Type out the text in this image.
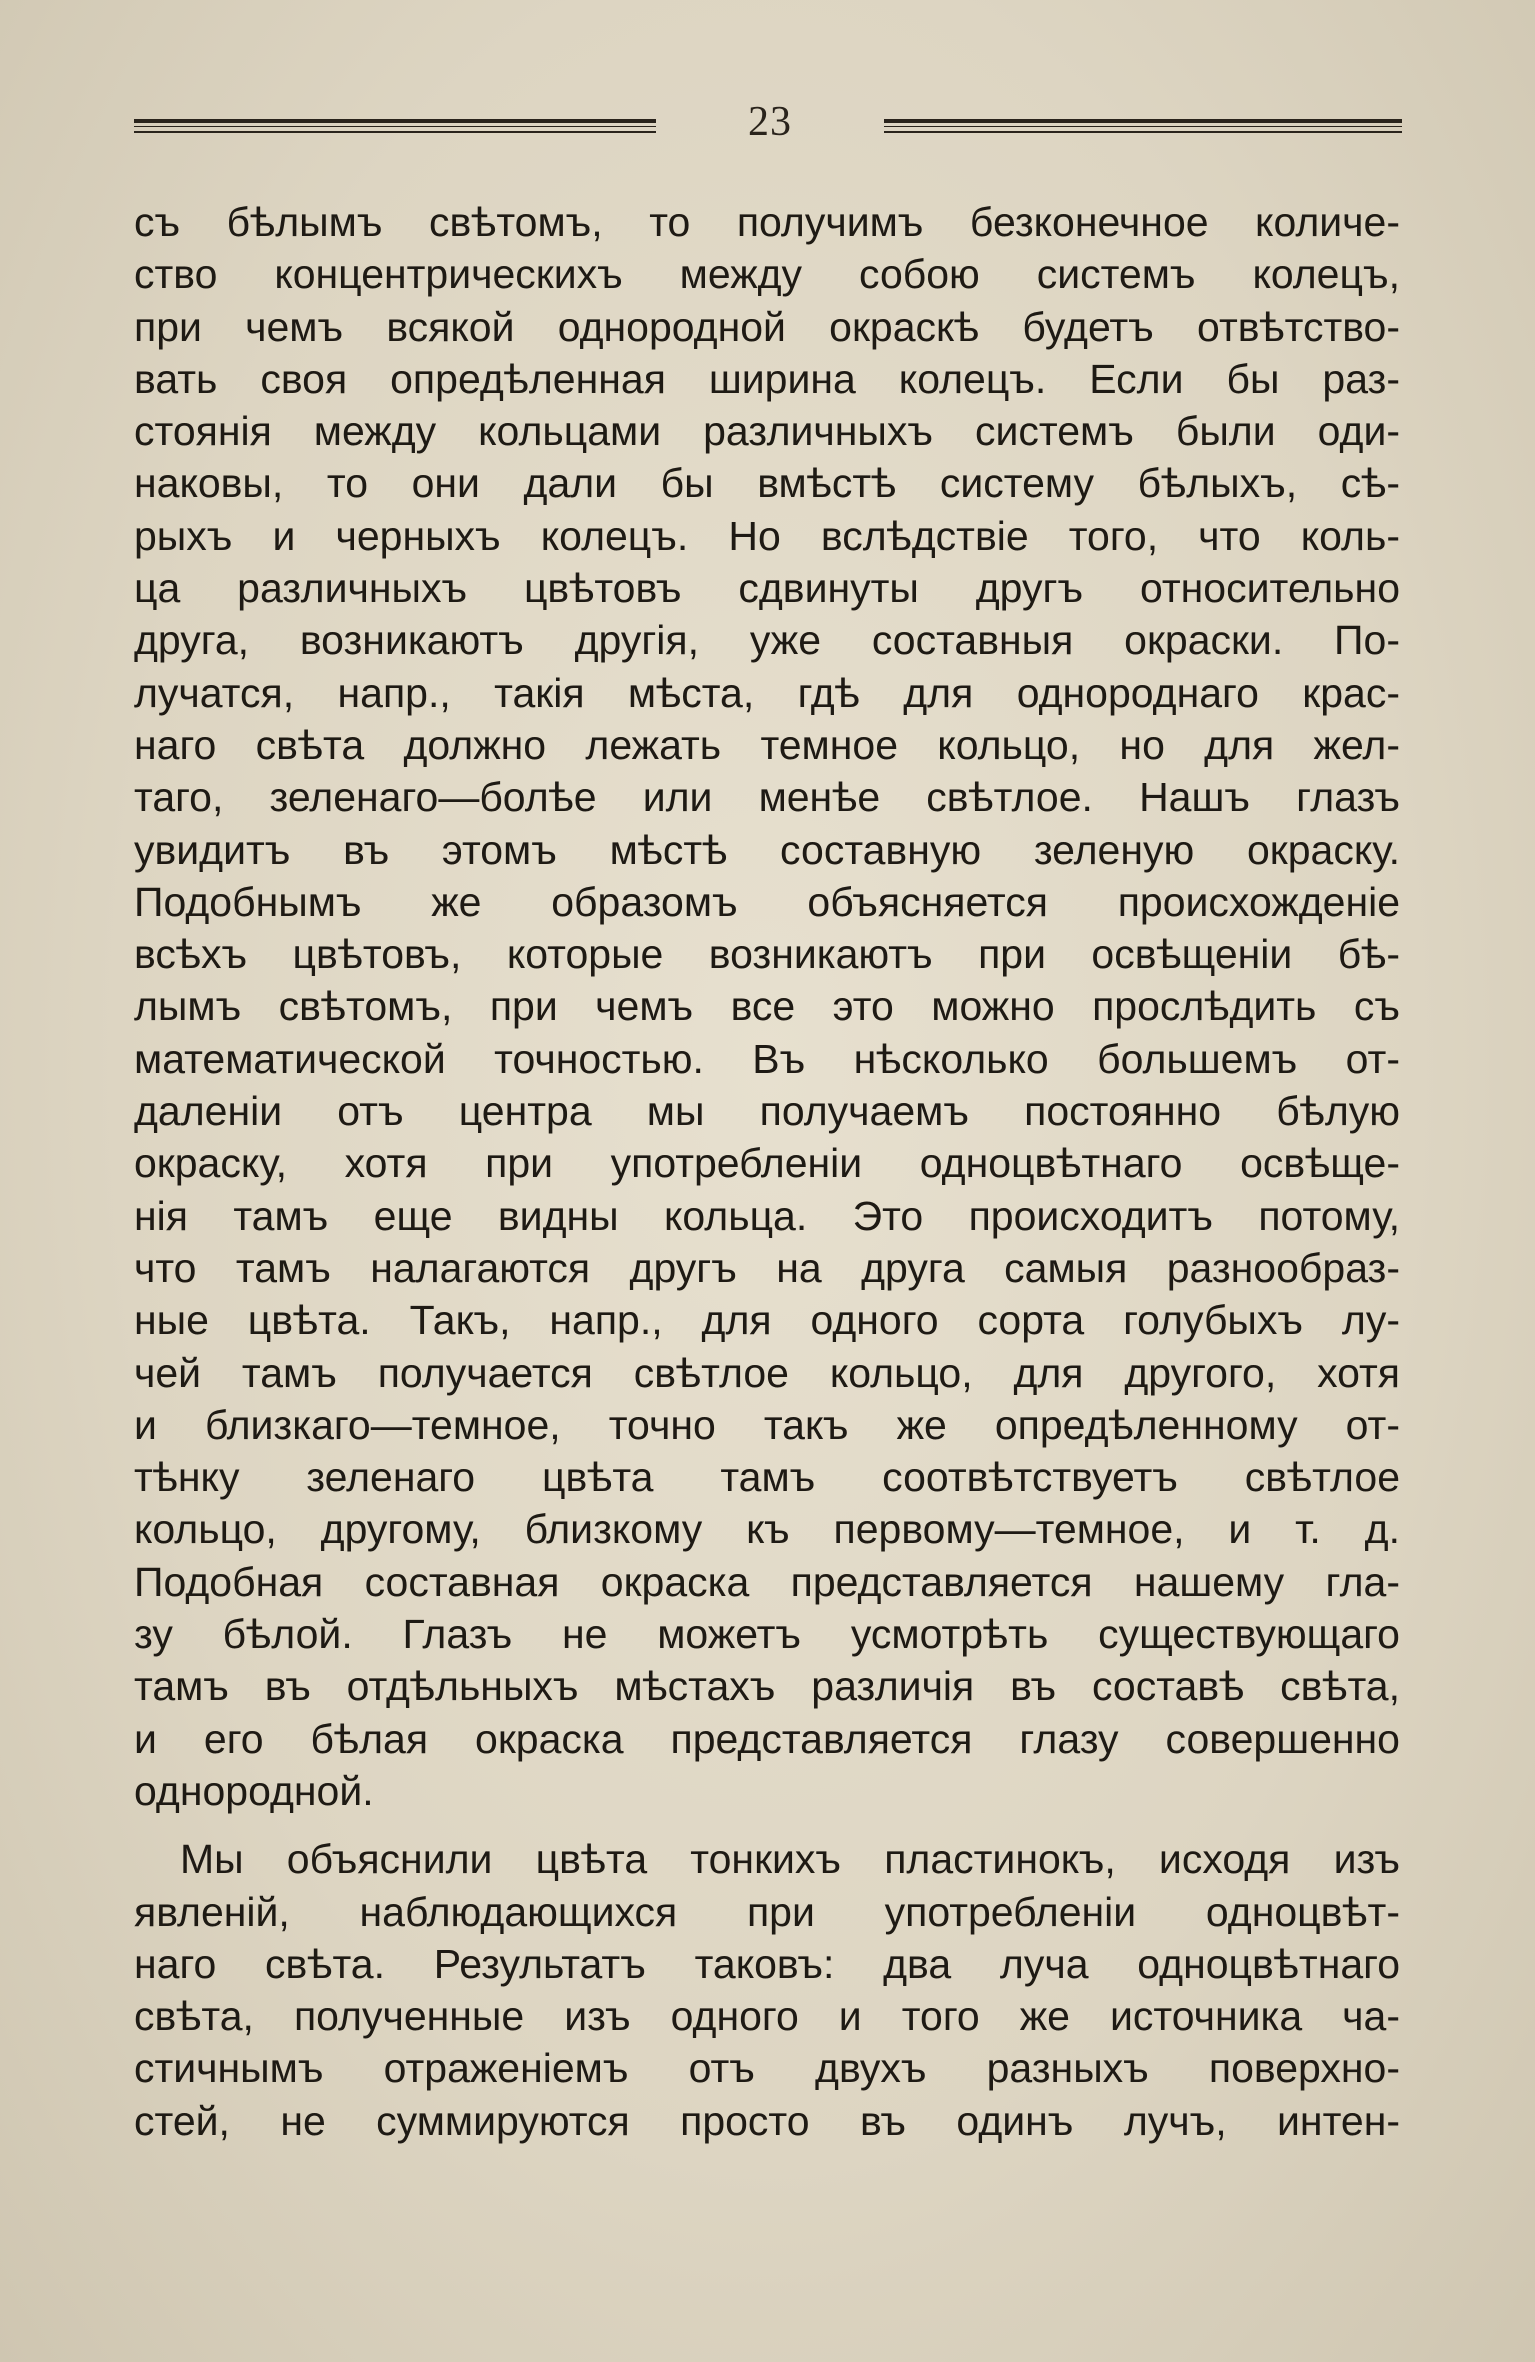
23
съ бѣлымъ свѣтомъ, то получимъ безконечное количе-
ство концентрическихъ между собою системъ колецъ,
при чемъ всякой однородной окраскѣ будетъ отвѣтство-
вать своя опредѣленная ширина колецъ. Если бы раз-
стоянія между кольцами различныхъ системъ были оди-
наковы, то они дали бы вмѣстѣ систему бѣлыхъ, сѣ-
рыхъ и черныхъ колецъ. Но вслѣдствіе того, что коль-
ца различныхъ цвѣтовъ сдвинуты другъ относительно
друга, возникаютъ другія, уже составныя окраски. По-
лучатся, напр., такія мѣста, гдѣ для однороднаго крас-
наго свѣта должно лежать темное кольцо, но для жел-
таго, зеленаго—болѣе или менѣе свѣтлое. Нашъ глазъ
увидитъ въ этомъ мѣстѣ составную зеленую окраску.
Подобнымъ же образомъ объясняется происхожденіе
всѣхъ цвѣтовъ, которые возникаютъ при освѣщеніи бѣ-
лымъ свѣтомъ, при чемъ все это можно прослѣдить съ
математической точностью. Въ нѣсколько большемъ от-
даленіи отъ центра мы получаемъ постоянно бѣлую
окраску, хотя при употребленіи одноцвѣтнаго освѣще-
нія тамъ еще видны кольца. Это происходитъ потому,
что тамъ налагаются другъ на друга самыя разнообраз-
ные цвѣта. Такъ, напр., для одного сорта голубыхъ лу-
чей тамъ получается свѣтлое кольцо, для другого, хотя
и близкаго—темное, точно такъ же опредѣленному от-
тѣнку зеленаго цвѣта тамъ соотвѣтствуетъ свѣтлое
кольцо, другому, близкому къ первому—темное, и т. д.
Подобная составная окраска представляется нашему гла-
зу бѣлой. Глазъ не можетъ усмотрѣть существующаго
тамъ въ отдѣльныхъ мѣстахъ различія въ составѣ свѣта,
и его бѣлая окраска представляется глазу совершенно
однородной.
Мы объяснили цвѣта тонкихъ пластинокъ, исходя изъ
явленій, наблюдающихся при употребленіи одноцвѣт-
наго свѣта. Результатъ таковъ: два луча одноцвѣтнаго
свѣта, полученные изъ одного и того же источника ча-
стичнымъ отраженіемъ отъ двухъ разныхъ поверхно-
стей, не суммируются просто въ одинъ лучъ, интен-
